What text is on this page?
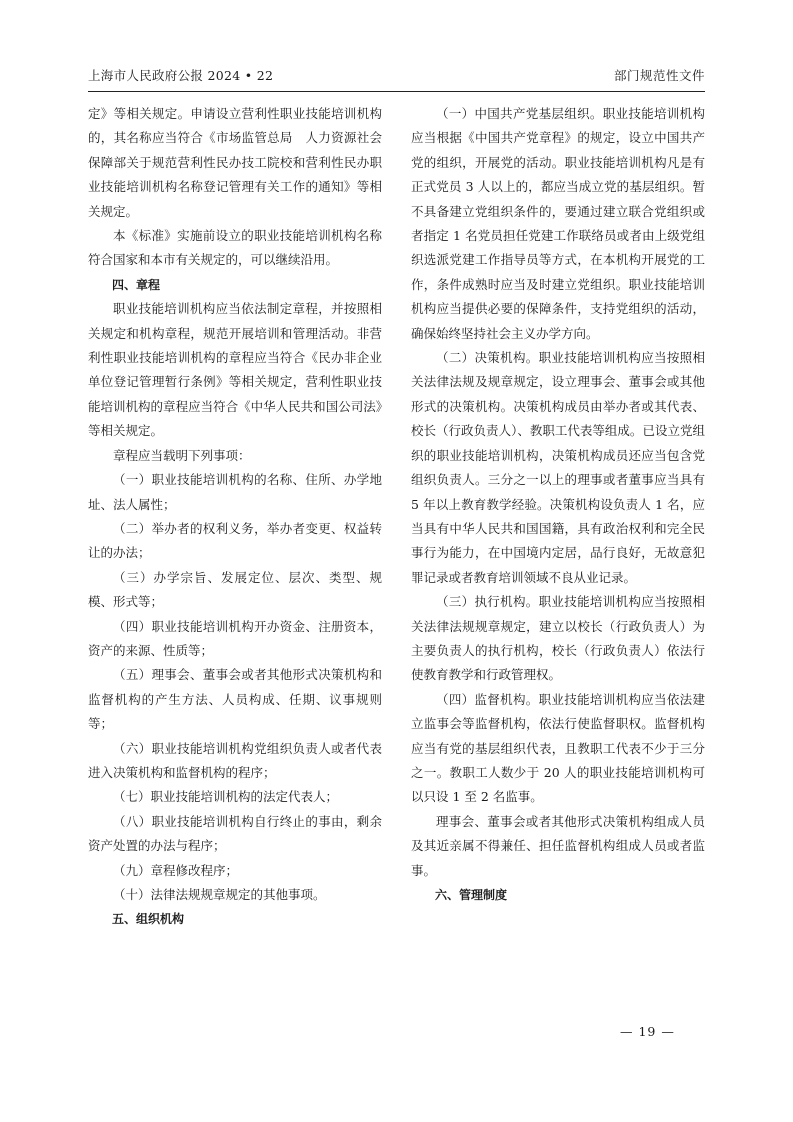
上海市人民政府公报 2024 • 22	部门规范性文件

定》等相关规定。申请设立营利性职业技能培训机构的，其名称应当符合《市场监管总局　人力资源社会保障部关于规范营利性民办技工院校和营利性民办职业技能培训机构名称登记管理有关工作的通知》等相关规定。

本《标准》实施前设立的职业技能培训机构名称符合国家和本市有关规定的，可以继续沿用。

四、章程

职业技能培训机构应当依法制定章程，并按照相关规定和机构章程，规范开展培训和管理活动。非营利性职业技能培训机构的章程应当符合《民办非企业单位登记管理暂行条例》等相关规定，营利性职业技能培训机构的章程应当符合《中华人民共和国公司法》等相关规定。

章程应当载明下列事项：

（一）职业技能培训机构的名称、住所、办学地址、法人属性；

（二）举办者的权利义务，举办者变更、权益转让的办法；

（三）办学宗旨、发展定位、层次、类型、规模、形式等；

（四）职业技能培训机构开办资金、注册资本，资产的来源、性质等；

（五）理事会、董事会或者其他形式决策机构和监督机构的产生方法、人员构成、任期、议事规则等；

（六）职业技能培训机构党组织负责人或者代表进入决策机构和监督机构的程序；

（七）职业技能培训机构的法定代表人；

（八）职业技能培训机构自行终止的事由，剩余资产处置的办法与程序；

（九）章程修改程序；

（十）法律法规规章规定的其他事项。

五、组织机构

（一）中国共产党基层组织。职业技能培训机构应当根据《中国共产党章程》的规定，设立中国共产党的组织，开展党的活动。职业技能培训机构凡是有正式党员 3 人以上的，都应当成立党的基层组织。暂不具备建立党组织条件的，要通过建立联合党组织或者指定 1 名党员担任党建工作联络员或者由上级党组织选派党建工作指导员等方式，在本机构开展党的工作，条件成熟时应当及时建立党组织。职业技能培训机构应当提供必要的保障条件，支持党组织的活动，确保始终坚持社会主义办学方向。

（二）决策机构。职业技能培训机构应当按照相关法律法规及规章规定，设立理事会、董事会或其他形式的决策机构。决策机构成员由举办者或其代表、校长（行政负责人）、教职工代表等组成。已设立党组织的职业技能培训机构，决策机构成员还应当包含党组织负责人。三分之一以上的理事或者董事应当具有 5 年以上教育教学经验。决策机构设负责人 1 名，应当具有中华人民共和国国籍，具有政治权利和完全民事行为能力，在中国境内定居，品行良好，无故意犯罪记录或者教育培训领域不良从业记录。

（三）执行机构。职业技能培训机构应当按照相关法律法规规章规定，建立以校长（行政负责人）为主要负责人的执行机构，校长（行政负责人）依法行使教育教学和行政管理权。

（四）监督机构。职业技能培训机构应当依法建立监事会等监督机构，依法行使监督职权。监督机构应当有党的基层组织代表，且教职工代表不少于三分之一。教职工人数少于 20 人的职业技能培训机构可以只设 1 至 2 名监事。

理事会、董事会或者其他形式决策机构组成人员及其近亲属不得兼任、担任监督机构组成人员或者监事。

六、管理制度

— 19 —
